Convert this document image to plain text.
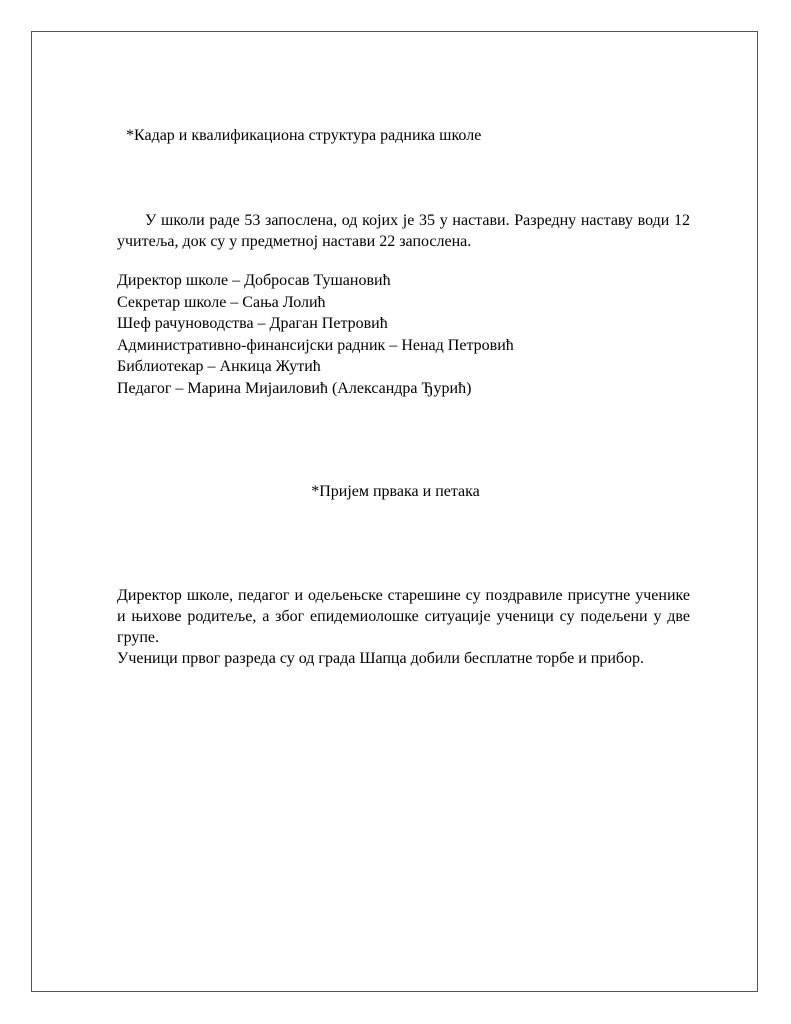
*Кадар и квалификациона структура радника школе

У школи раде 53 запослена, од којих је 35 у настави. Разредну наставу води 12 учитеља, док су у предметној настави 22 запослена.

Директор школе – Добросав Тушановић
Секретар школе – Сања Лолић
Шеф рачуноводства – Драган Петровић
Административно-финансијски радник – Ненад Петровић
Библиотекар – Анкица Жутић
Педагог – Марина Мијаиловић (Александра Ђурић)

*Пријем првака и петака

Директор школе, педагог и одељењске старешине су поздравиле присутне ученике и њихове родитеље, а због епидемиолошке ситуације ученици су подељени у две групе.

Ученици првог разреда су од града Шапца добили бесплатне торбе и прибор.
